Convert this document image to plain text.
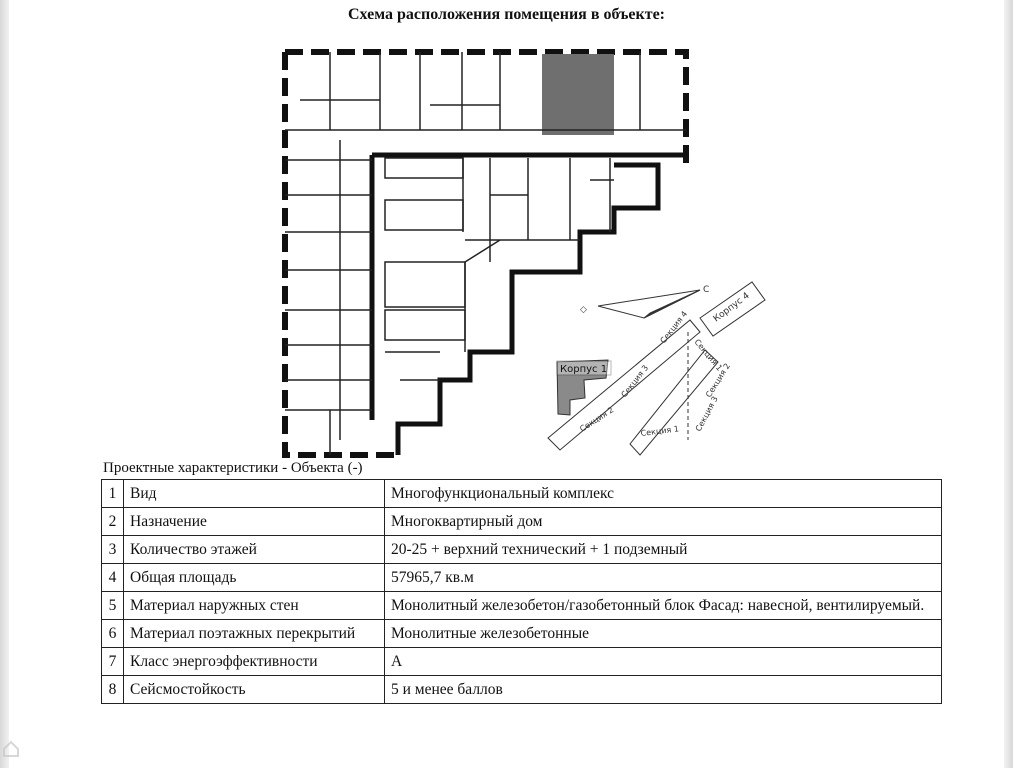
Схема расположения помещения в объекте:
◇
C
Корпус 1
Секция 2
Секция 3
Секция 4
Секция 1
Секция 1
Секция 2
Секция 3
Корпус 4
Проектные характеристики - Объекта (-)
1	Вид	Многофункциональный комплекс
2	Назначение	Многоквартирный дом
3	Количество этажей	20-25 + верхний технический + 1 подземный
4	Общая площадь	57965,7 кв.м
5	Материал наружных стен	Монолитный железобетон/газобетонный блок Фасад: навесной, вентилируемый.
6	Материал поэтажных перекрытий	Монолитные железобетонные
7	Класс энергоэффективности	A
8	Сейсмостойкость	5 и менее баллов
